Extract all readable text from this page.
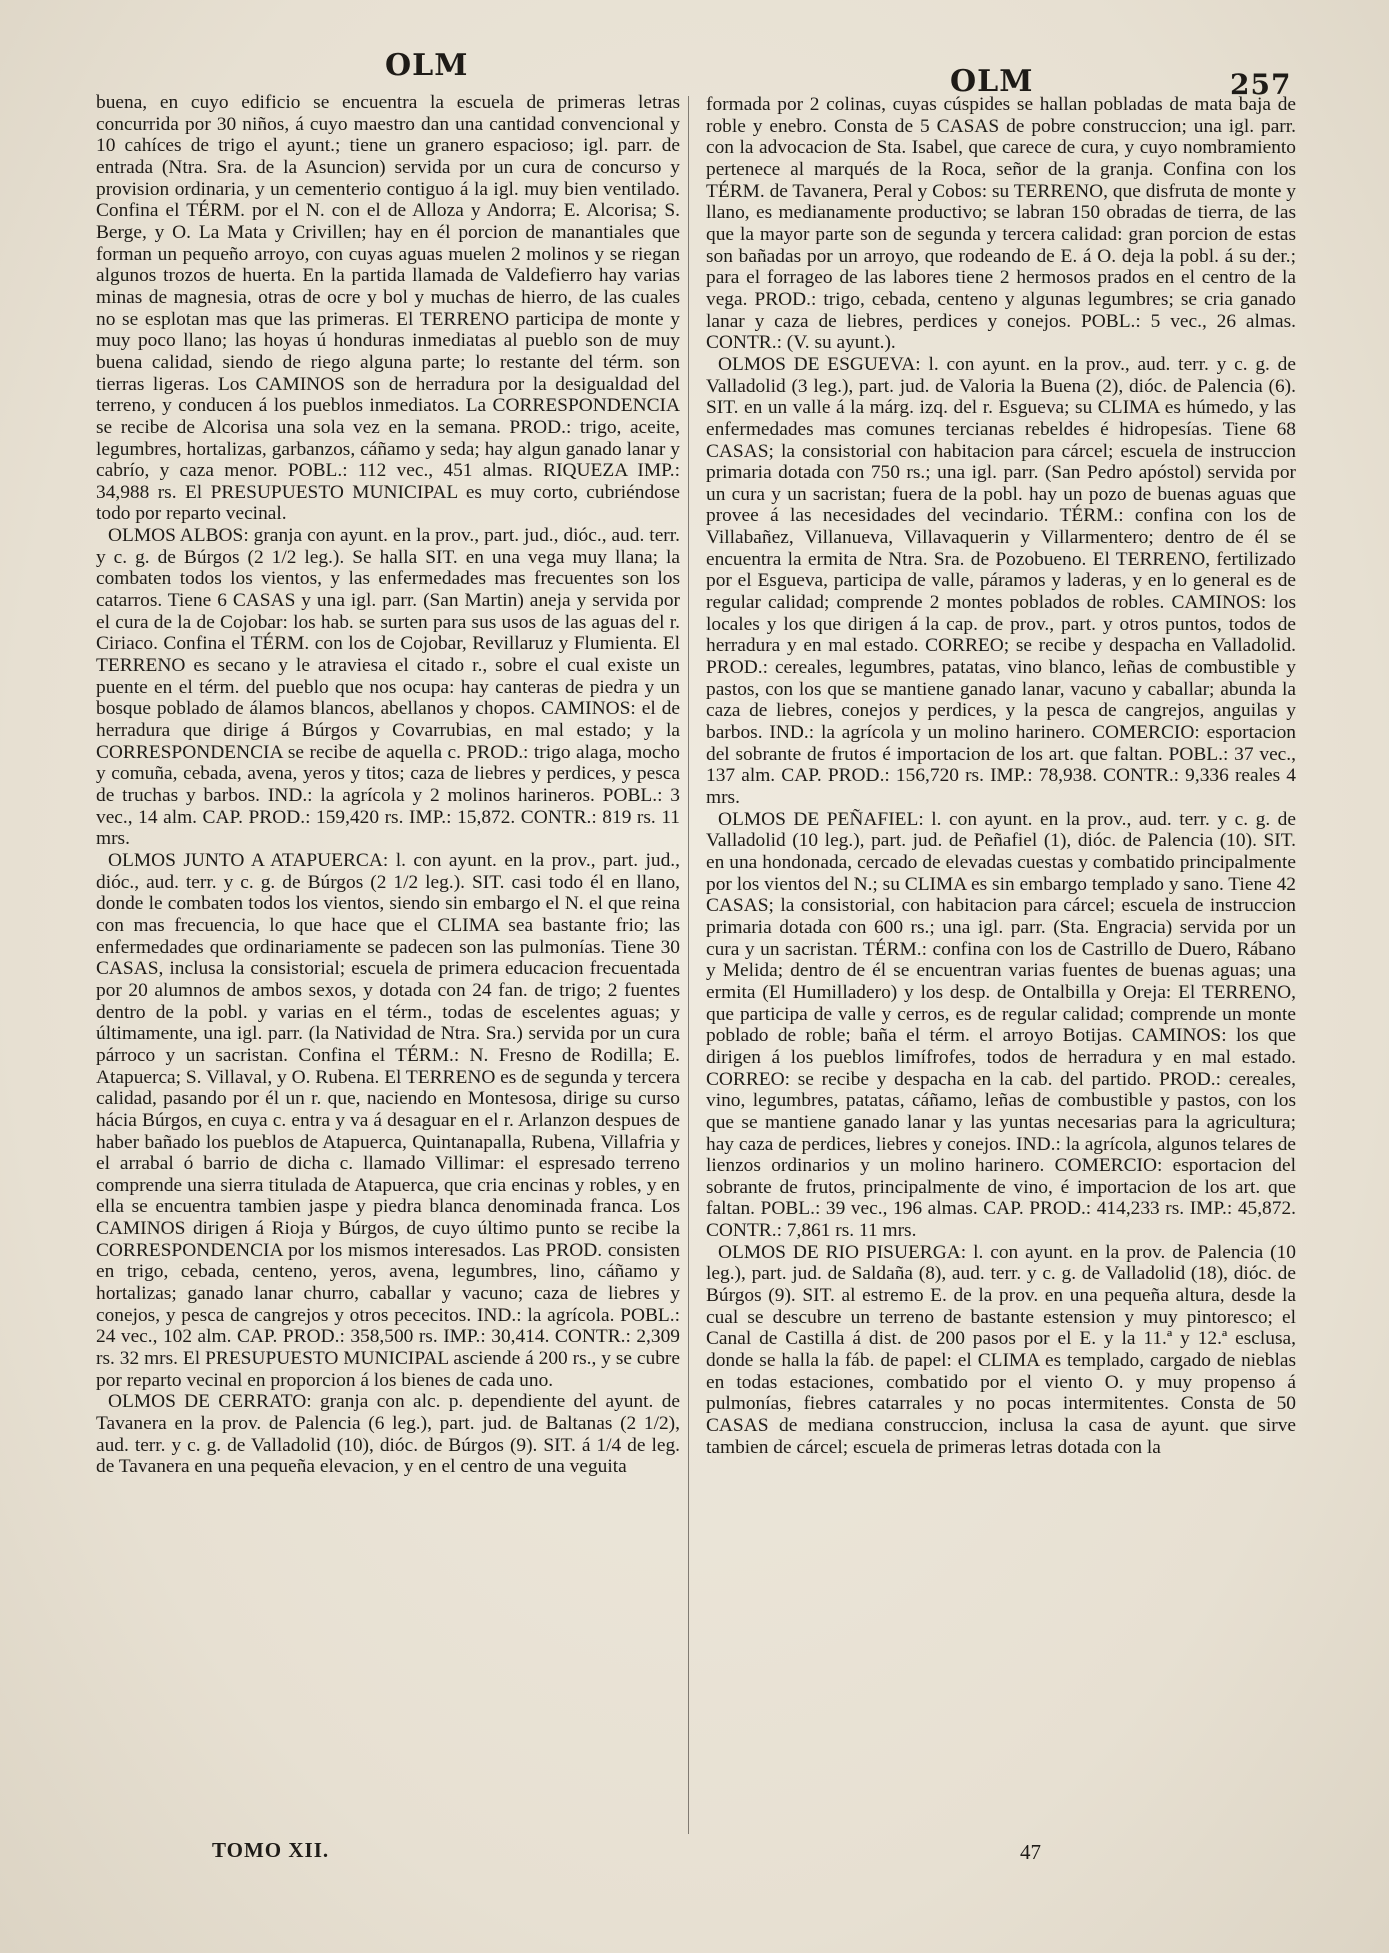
OLM	OLM	257

buena, en cuyo edificio se encuentra la escuela de primeras letras concurrida por 30 niños, á cuyo maestro dan una cantidad convencional y 10 cahíces de trigo el ayunt.; tiene un granero espacioso; igl. parr. de entrada (Ntra. Sra. de la Asuncion) servida por un cura de concurso y provision ordinaria, y un cementerio contiguo á la igl. muy bien ventilado. Confina el TÉRM. por el N. con el de Alloza y Andorra; E. Alcorisa; S. Berge, y O. La Mata y Crivillen; hay en él porcion de manantiales que forman un pequeño arroyo, con cuyas aguas muelen 2 molinos y se riegan algunos trozos de huerta. En la partida llamada de Valdefierro hay varias minas de magnesia, otras de ocre y bol y muchas de hierro, de las cuales no se esplotan mas que las primeras. El TERRENO participa de monte y muy poco llano; las hoyas ú honduras inmediatas al pueblo son de muy buena calidad, siendo de riego alguna parte; lo restante del térm. son tierras ligeras. Los CAMINOS son de herradura por la desigualdad del terreno, y conducen á los pueblos inmediatos. La CORRESPONDENCIA se recibe de Alcorisa una sola vez en la semana. PROD.: trigo, aceite, legumbres, hortalizas, garbanzos, cáñamo y seda; hay algun ganado lanar y cabrío, y caza menor. POBL.: 112 vec., 451 almas. RIQUEZA IMP.: 34,988 rs. El PRESUPUESTO MUNICIPAL es muy corto, cubriéndose todo por reparto vecinal.

OLMOS ALBOS: granja con ayunt. en la prov., part. jud., dióc., aud. terr. y c. g. de Búrgos (2 1/2 leg.). Se halla SIT. en una vega muy llana; la combaten todos los vientos, y las enfermedades mas frecuentes son los catarros. Tiene 6 CASAS y una igl. parr. (San Martin) aneja y servida por el cura de la de Cojobar: los hab. se surten para sus usos de las aguas del r. Ciriaco. Confina el TÉRM. con los de Cojobar, Revillaruz y Flumienta. El TERRENO es secano y le atraviesa el citado r., sobre el cual existe un puente en el térm. del pueblo que nos ocupa: hay canteras de piedra y un bosque poblado de álamos blancos, abellanos y chopos. CAMINOS: el de herradura que dirige á Búrgos y Covarrubias, en mal estado; y la CORRESPONDENCIA se recibe de aquella c. PROD.: trigo alaga, mocho y comuña, cebada, avena, yeros y titos; caza de liebres y perdices, y pesca de truchas y barbos. IND.: la agrícola y 2 molinos harineros. POBL.: 3 vec., 14 alm. CAP. PROD.: 159,420 rs. IMP.: 15,872. CONTR.: 819 rs. 11 mrs.

OLMOS JUNTO A ATAPUERCA: l. con ayunt. en la prov., part. jud., dióc., aud. terr. y c. g. de Búrgos (2 1/2 leg.). SIT. casi todo él en llano, donde le combaten todos los vientos, siendo sin embargo el N. el que reina con mas frecuencia, lo que hace que el CLIMA sea bastante frio; las enfermedades que ordinariamente se padecen son las pulmonías. Tiene 30 CASAS, inclusa la consistorial; escuela de primera educacion frecuentada por 20 alumnos de ambos sexos, y dotada con 24 fan. de trigo; 2 fuentes dentro de la pobl. y varias en el térm., todas de escelentes aguas; y últimamente, una igl. parr. (la Natividad de Ntra. Sra.) servida por un cura párroco y un sacristan. Confina el TÉRM.: N. Fresno de Rodilla; E. Atapuerca; S. Villaval, y O. Rubena. El TERRENO es de segunda y tercera calidad, pasando por él un r. que, naciendo en Montesosa, dirige su curso hácia Búrgos, en cuya c. entra y va á desaguar en el r. Arlanzon despues de haber bañado los pueblos de Atapuerca, Quintanapalla, Rubena, Villafria y el arrabal ó barrio de dicha c. llamado Villimar: el espresado terreno comprende una sierra titulada de Atapuerca, que cria encinas y robles, y en ella se encuentra tambien jaspe y piedra blanca denominada franca. Los CAMINOS dirigen á Rioja y Búrgos, de cuyo último punto se recibe la CORRESPONDENCIA por los mismos interesados. Las PROD. consisten en trigo, cebada, centeno, yeros, avena, legumbres, lino, cáñamo y hortalizas; ganado lanar churro, caballar y vacuno; caza de liebres y conejos, y pesca de cangrejos y otros pececitos. IND.: la agrícola. POBL.: 24 vec., 102 alm. CAP. PROD.: 358,500 rs. IMP.: 30,414. CONTR.: 2,309 rs. 32 mrs. El PRESUPUESTO MUNICIPAL asciende á 200 rs., y se cubre por reparto vecinal en proporcion á los bienes de cada uno.

OLMOS DE CERRATO: granja con alc. p. dependiente del ayunt. de Tavanera en la prov. de Palencia (6 leg.), part. jud. de Baltanas (2 1/2), aud. terr. y c. g. de Valladolid (10), dióc. de Búrgos (9). SIT. á 1/4 de leg. de Tavanera en una pequeña elevacion, y en el centro de una veguita

formada por 2 colinas, cuyas cúspides se hallan pobladas de mata baja de roble y enebro. Consta de 5 CASAS de pobre construccion; una igl. parr. con la advocacion de Sta. Isabel, que carece de cura, y cuyo nombramiento pertenece al marqués de la Roca, señor de la granja. Confina con los TÉRM. de Tavanera, Peral y Cobos: su TERRENO, que disfruta de monte y llano, es medianamente productivo; se labran 150 obradas de tierra, de las que la mayor parte son de segunda y tercera calidad: gran porcion de estas son bañadas por un arroyo, que rodeando de E. á O. deja la pobl. á su der.; para el forrageo de las labores tiene 2 hermosos prados en el centro de la vega. PROD.: trigo, cebada, centeno y algunas legumbres; se cria ganado lanar y caza de liebres, perdices y conejos. POBL.: 5 vec., 26 almas. CONTR.: (V. su ayunt.).

OLMOS DE ESGUEVA: l. con ayunt. en la prov., aud. terr. y c. g. de Valladolid (3 leg.), part. jud. de Valoria la Buena (2), dióc. de Palencia (6). SIT. en un valle á la márg. izq. del r. Esgueva; su CLIMA es húmedo, y las enfermedades mas comunes tercianas rebeldes é hidropesías. Tiene 68 CASAS; la consistorial con habitacion para cárcel; escuela de instruccion primaria dotada con 750 rs.; una igl. parr. (San Pedro apóstol) servida por un cura y un sacristan; fuera de la pobl. hay un pozo de buenas aguas que provee á las necesidades del vecindario. TÉRM.: confina con los de Villabañez, Villanueva, Villavaquerin y Villarmentero; dentro de él se encuentra la ermita de Ntra. Sra. de Pozobueno. El TERRENO, fertilizado por el Esgueva, participa de valle, páramos y laderas, y en lo general es de regular calidad; comprende 2 montes poblados de robles. CAMINOS: los locales y los que dirigen á la cap. de prov., part. y otros puntos, todos de herradura y en mal estado. CORREO; se recibe y despacha en Valladolid. PROD.: cereales, legumbres, patatas, vino blanco, leñas de combustible y pastos, con los que se mantiene ganado lanar, vacuno y caballar; abunda la caza de liebres, conejos y perdices, y la pesca de cangrejos, anguilas y barbos. IND.: la agrícola y un molino harinero. COMERCIO: esportacion del sobrante de frutos é importacion de los art. que faltan. POBL.: 37 vec., 137 alm. CAP. PROD.: 156,720 rs. IMP.: 78,938. CONTR.: 9,336 reales 4 mrs.

OLMOS DE PEÑAFIEL: l. con ayunt. en la prov., aud. terr. y c. g. de Valladolid (10 leg.), part. jud. de Peñafiel (1), dióc. de Palencia (10). SIT. en una hondonada, cercado de elevadas cuestas y combatido principalmente por los vientos del N.; su CLIMA es sin embargo templado y sano. Tiene 42 CASAS; la consistorial, con habitacion para cárcel; escuela de instruccion primaria dotada con 600 rs.; una igl. parr. (Sta. Engracia) servida por un cura y un sacristan. TÉRM.: confina con los de Castrillo de Duero, Rábano y Melida; dentro de él se encuentran varias fuentes de buenas aguas; una ermita (El Humilladero) y los desp. de Ontalbilla y Oreja: El TERRENO, que participa de valle y cerros, es de regular calidad; comprende un monte poblado de roble; baña el térm. el arroyo Botijas. CAMINOS: los que dirigen á los pueblos limífrofes, todos de herradura y en mal estado. CORREO: se recibe y despacha en la cab. del partido. PROD.: cereales, vino, legumbres, patatas, cáñamo, leñas de combustible y pastos, con los que se mantiene ganado lanar y las yuntas necesarias para la agricultura; hay caza de perdices, liebres y conejos. IND.: la agrícola, algunos telares de lienzos ordinarios y un molino harinero. COMERCIO: esportacion del sobrante de frutos, principalmente de vino, é importacion de los art. que faltan. POBL.: 39 vec., 196 almas. CAP. PROD.: 414,233 rs. IMP.: 45,872. CONTR.: 7,861 rs. 11 mrs.

OLMOS DE RIO PISUERGA: l. con ayunt. en la prov. de Palencia (10 leg.), part. jud. de Saldaña (8), aud. terr. y c. g. de Valladolid (18), dióc. de Búrgos (9). SIT. al estremo E. de la prov. en una pequeña altura, desde la cual se descubre un terreno de bastante estension y muy pintoresco; el Canal de Castilla á dist. de 200 pasos por el E. y la 11.ª y 12.ª esclusa, donde se halla la fáb. de papel: el CLIMA es templado, cargado de nieblas en todas estaciones, combatido por el viento O. y muy propenso á pulmonías, fiebres catarrales y no pocas intermitentes. Consta de 50 CASAS de mediana construccion, inclusa la casa de ayunt. que sirve tambien de cárcel; escuela de primeras letras dotada con la

TOMO XII.	47
